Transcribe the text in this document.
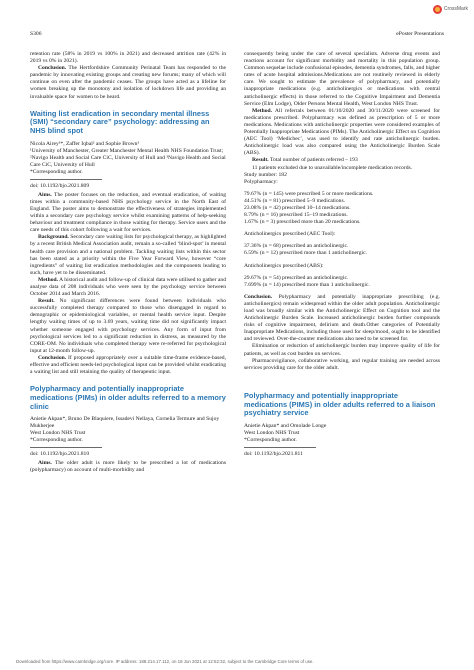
S306	ePoster Presentations
CrossMark

retention rate (58% in 2019 vs 100% in 2021) and decreased attrition rate (42% in 2019 vs 0% in 2021).

Conclusion. The Hertfordshire Community Perinatal Team has responded to the pandemic by innovating existing groups and creating new forums; many of which will continue on even after the pandemic ceases. The groups have acted as a lifeline for women breaking up the monotony and isolation of lockdown life and providing an invaluable space for women to be heard.

Waiting list eradication in secondary mental illness (SMI) “secondary care” psychology: addressing an NHS blind spot
Nicola Airey¹*, Zaffer Iqbal² and Sophie Brown³
¹University of Manchester, Greater Manchester Mental Health NHS Foundation Trust; ²Navigo Health and Social Care CiC, University of Hull and ³Navigo Health and Social Care CiC, University of Hull
*Corresponding author.
doi: 10.1192/bjo.2021.809

Aims. The poster focuses on the reduction, and eventual eradication, of waiting times within a community-based NHS psychology service in the North East of England. The poster aims to demonstrate the effectiveness of strategies implemented within a secondary care psychology service whilst examining patterns of help-seeking behaviour and treatment compliance in those waiting for therapy. Service users and the care needs of this cohort following a wait for services.

Background. Secondary care waiting lists for psychological therapy, as highlighted by a recent British Medical Association audit, remain a so-called ‘blind-spot’ in mental health care provision and a national problem. Tackling waiting lists within this sector has been stated as a priority within the Five Year Forward View, however “core ingredients” of waiting list eradication methodologies and the components leading to such, have yet to be disseminated.

Method. A historical audit and follow-up of clinical data were utilised to gather and analyse data of 208 individuals who were seen by the psychology service between October 2014 and March 2016.

Result. No significant differences were found between individuals who successfully completed therapy compared to those who disengaged in regard to demographic or epidemiological variables, or mental health service input. Despite lengthy waiting times of up to 3.69 years, waiting time did not significantly impact whether someone engaged with psychology services. Any form of input from psychological services led to a significant reduction in distress, as measured by the CORE-OM. No individuals who completed therapy were re-referred for psychological input at 12-month follow-up.

Conclusion. If proposed appropriately over a suitable time-frame evidence-based, effective and efficient needs-led psychological input can be provided whilst eradicating a waiting list and still retaining the quality of therapeutic input.

Polypharmacy and potentially inappropriate medications (PIMs) in older adults referred to a memory clinic
Anietie Akpan*, Bruno De Blaquiere, Issadevi Nellaya, Cornelia Termure and Sujoy Mukherjee
West London NHS Trust
*Corresponding author.
doi: 10.1192/bjo.2021.810

Aims. The older adult is more likely to be prescribed a lot of medications (polypharmacy) on account of multi-morbidity and

consequently being under the care of several specialists. Adverse drug events and reactions account for significant morbidity and mortality in this population group. Common sequelae include confusional episodes, dementia syndromes, falls, and higher rates of acute hospital admissions.Medications are not routinely reviewed in elderly care. We sought to estimate the prevalence of polypharmacy, and potentially inappropriate medications (e.g. anticholinergics or medications with central anticholinergic effects) in those referred to the Cognitive Impairment and Dementia Service (Elm Lodge), Older Persons Mental Health, West London NHS Trust.

Method. All referrals between 01/10/2020 and 30/11/2020 were screened for medications prescribed. Polypharmacy was defined as prescription of 5 or more medications. Medications with anticholinergic properties were considered examples of Potentially Inappropriate Medications (PIMs). The Anticholinergic Effect on Cognition (AEC Tool) ‘Medichec’, was used to identify and rate anticholinergic burden. Anticholinergic load was also compared using the Anticholinergic Burden Scale (ABS).

Result. Total number of patients referred – 193

11 patients excluded due to unavailable/incomplete medication records.

Study number: 182
Polypharmacy:
79.67% (n = 145) were prescribed 5 or more medications.
44.51% (n = 81) prescribed 5–9 medications.
23.08% (n = 42) prescribed 10–14 medications.
8.79% (n = 16) prescribed 15–19 medications.
1.67% (n = 3) prescribed more than 20 medications.
Anticholinergics prescribed (AEC Tool):
37.36% (n = 68) prescribed an anticholinergic.
6.59% (n = 12) prescribed more than 1 anticholinergic.
Anticholinergics prescribed (ABS):
29.67% (n = 54) prescribed an anticholinergic.
7.699% (n = 14) prescribed more than 1 anticholinergic.

Conclusion. Polypharmacy and potentially inappropriate prescribing (e.g. anticholinergics) remain widespread within the older adult population. Anticholinergic load was broadly similar with the Anticholinergic Effect on Cognition tool and the Anticholinergic Burden Scale. Increased anticholinergic burden further compounds risks of cognitive impairment, delirium and death.Other categories of Potentially Inappropriate Medications, including those used for sleep/mood, ought to be identified and reviewed. Over-the-counter medications also need to be screened for.

Elimination or reduction of anticholinergic burden may improve quality of life for patients, as well as cost burden on services.

Pharmacovigilance, collaborative working, and regular training are needed across services providing care for the older adult.

Polypharmacy and potentially inappropriate medications (PIMS) in older adults referred to a liaison psychiatry service
Anietie Akpan* and Omolade Longe
West London NHS Trust
*Corresponding author.
doi: 10.1192/bjo.2021.811
Downloaded from https://www.cambridge.org/core. IP address: 188.214.17.112, on 18 Jun 2021 at 12:52:32, subject to the Cambridge Core terms of use.
